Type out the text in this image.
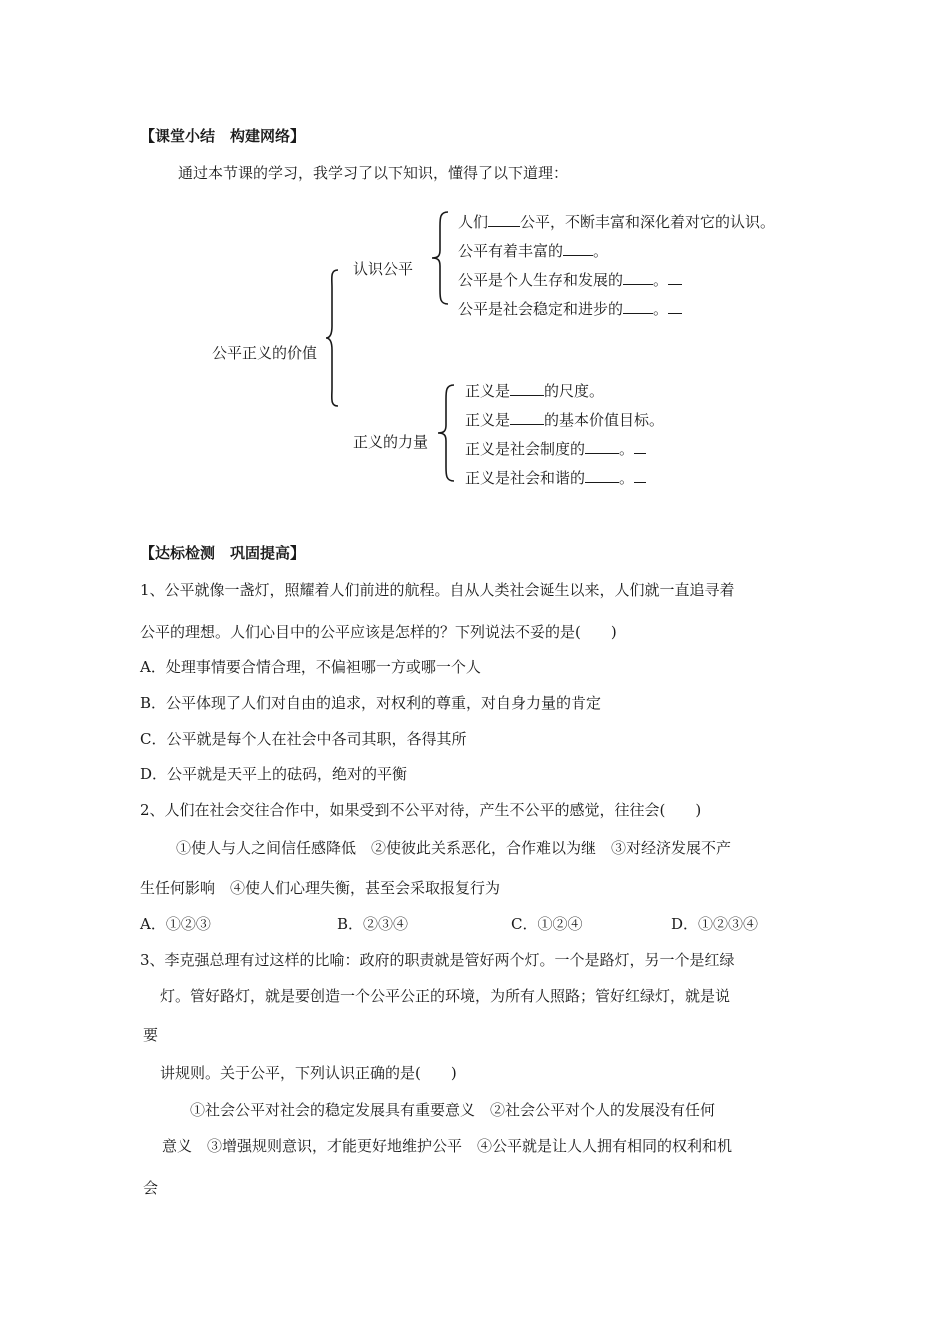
【课堂小结　构建网络】
通过本节课的学习，我学习了以下知识，懂得了以下道理：
公平正义的价值
认识公平
人们 公平，不断丰富和深化着对它的认识。
公平有着丰富的 。
公平是个人生存和发展的 。
公平是社会稳定和进步的 。
正义的力量
正义是 的尺度。
正义是 的基本价值目标。
正义是社会制度的 。
正义是社会和谐的 。
【达标检测　巩固提高】
1、公平就像一盏灯，照耀着人们前进的航程。自从人类社会诞生以来，人们就一直追寻着
公平的理想。人们心目中的公平应该是怎样的？下列说法不妥的是(　　)
A．处理事情要合情合理，不偏袒哪一方或哪一个人
B．公平体现了人们对自由的追求，对权利的尊重，对自身力量的肯定
C．公平就是每个人在社会中各司其职，各得其所
D．公平就是天平上的砝码，绝对的平衡
2、人们在社会交往合作中，如果受到不公平对待，产生不公平的感觉，往往会(　　)
①使人与人之间信任感降低　②使彼此关系恶化，合作难以为继　③对经济发展不产
生任何影响　④使人们心理失衡，甚至会采取报复行为
A．①②③	B．②③④	C．①②④	D．①②③④
3、李克强总理有过这样的比喻：政府的职责就是管好两个灯。一个是路灯，另一个是红绿
灯。管好路灯，就是要创造一个公平公正的环境，为所有人照路；管好红绿灯，就是说
要
讲规则。关于公平，下列认识正确的是(　　)
①社会公平对社会的稳定发展具有重要意义　②社会公平对个人的发展没有任何
意义　③增强规则意识，才能更好地维护公平　④公平就是让人人拥有相同的权利和机
会
